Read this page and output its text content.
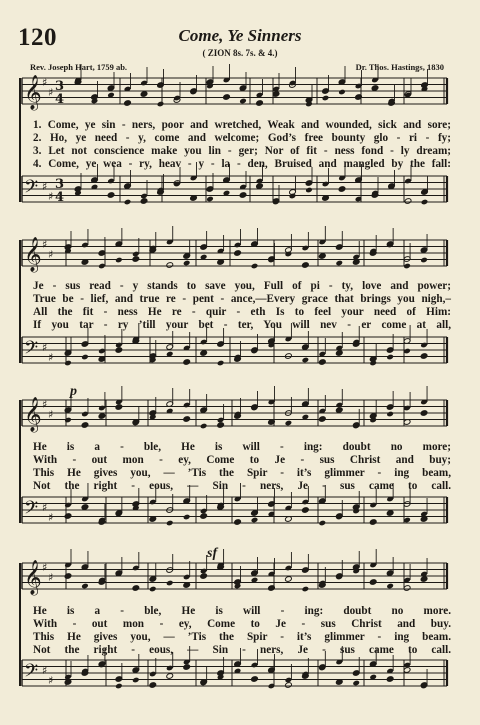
120	Come, Ye Sinners
( ZION 8s. 7s. & 4.)
Rev. Joseph Hart, 1759 ab.	Dr. Thos. Hastings, 1830
𝄞 ♯
♯ 3
4
𝄢 ♯
♯
3
4
𝄞 ♯
♯
𝄢 ♯
♯
𝄞 ♯
♯
𝄢 ♯
♯
𝄞 ♯
♯
𝄢 ♯
♯
p
sf
1. Come, ye sin - ners, poor and wretched, Weak and wounded, sick and sore;
2. Ho, ye need - y, come and welcome; God’s free bounty glo - ri - fy;
3. Let not conscience make you lin - ger; Nor of fit - ness fond - ly dream;
4. Come, ye wea - ry, heav - y - la - den, Bruised and mangled by the fall:
Je - sus read - y stands to save you, Full of pi - ty, love and power;
True be - lief, and true re - pent - ance,—Every grace that brings you nigh,–
All the fit - ness He re - quir - eth Is to feel your need of Him:
If you tar - ry ’till your bet - ter, You will nev - er come at all,
He is a - ble, He is will - ing: doubt no more;
With - out mon - ey, Come to Je - sus Christ and buy;
This He gives you, — ’Tis the Spir - it’s glimmer - ing beam,
Not the right - eous, — Sin - ners, Je - sus came to call.
He is a - ble, He is will - ing: doubt no more.
With - out mon - ey, Come to Je - sus Christ and buy.
This He gives you, — ’Tis the Spir - it’s glimmer - ing beam.
Not the right - eous, — Sin - ners, Je - sus came to call.
